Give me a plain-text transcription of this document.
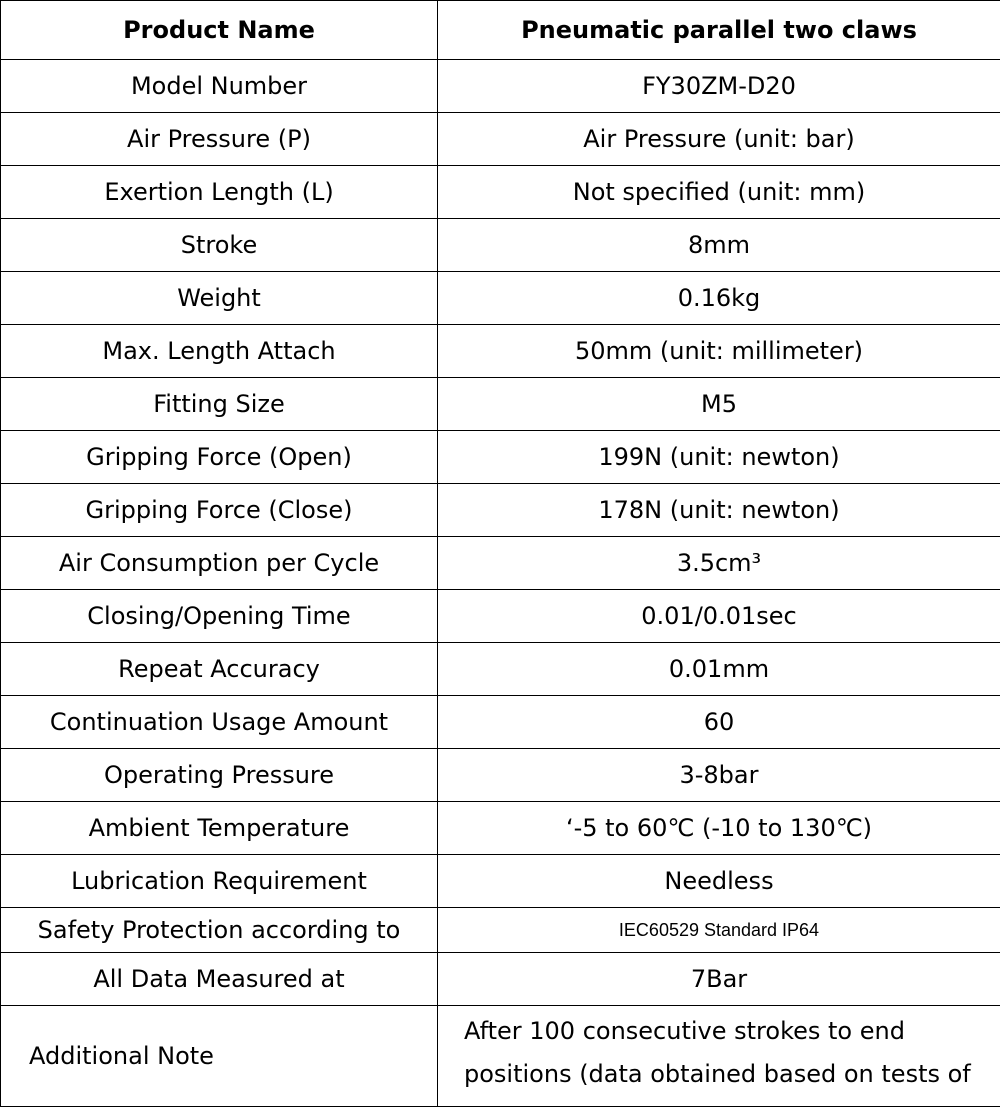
Product Name	Pneumatic parallel two claws
Model Number	FY30ZM-D20
Air Pressure (P)	Air Pressure (unit: bar)
Exertion Length (L)	Not specified (unit: mm)
Stroke	8mm
Weight	0.16kg
Max. Length Attach	50mm (unit: millimeter)
Fitting Size	M5
Gripping Force (Open)	199N (unit: newton)
Gripping Force (Close)	178N (unit: newton)
Air Consumption per Cycle	3.5cm³
Closing/Opening Time	0.01/0.01sec
Repeat Accuracy	0.01mm
Continuation Usage Amount	60
Operating Pressure	3-8bar
Ambient Temperature	‘-5 to 60℃ (-10 to 130℃)
Lubrication Requirement	Needless
Safety Protection according to	IEC60529 Standard IP64
All Data Measured at	7Bar
Additional Note	After 100 consecutive strokes to end positions (data obtained based on tests of
